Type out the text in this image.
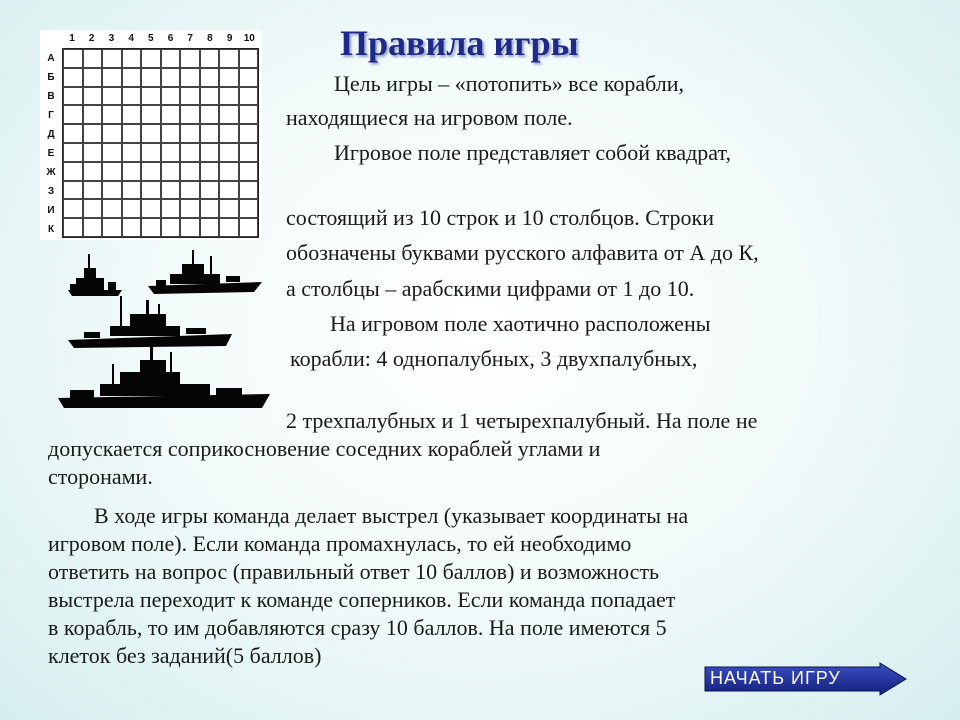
Правила игры
1	2	3	4	5	6	7	8	9	10
А
Б
В
Г
Д
Е
Ж
З
И
К
Цель игры – «потопить» все корабли,
находящиеся на игровом поле.
Игровое поле представляет собой квадрат,
состоящий из 10 строк и 10 столбцов. Строки
обозначены буквами русского алфавита от А до К,
а столбцы – арабскими цифрами от 1 до 10.
На игровом поле хаотично расположены
корабли: 4 однопалубных, 3 двухпалубных,
2 трехпалубных и 1 четырехпалубный. На поле не
допускается соприкосновение соседних кораблей углами и
сторонами.
В ходе игры команда делает выстрел (указывает координаты на
игровом поле). Если команда промахнулась, то ей необходимо
ответить на вопрос (правильный ответ 10 баллов) и возможность
выстрела переходит к команде соперников. Если команда попадает
в корабль, то им добавляются сразу 10 баллов. На поле имеются 5
клеток без заданий(5 баллов)
НАЧАТЬ ИГРУ
